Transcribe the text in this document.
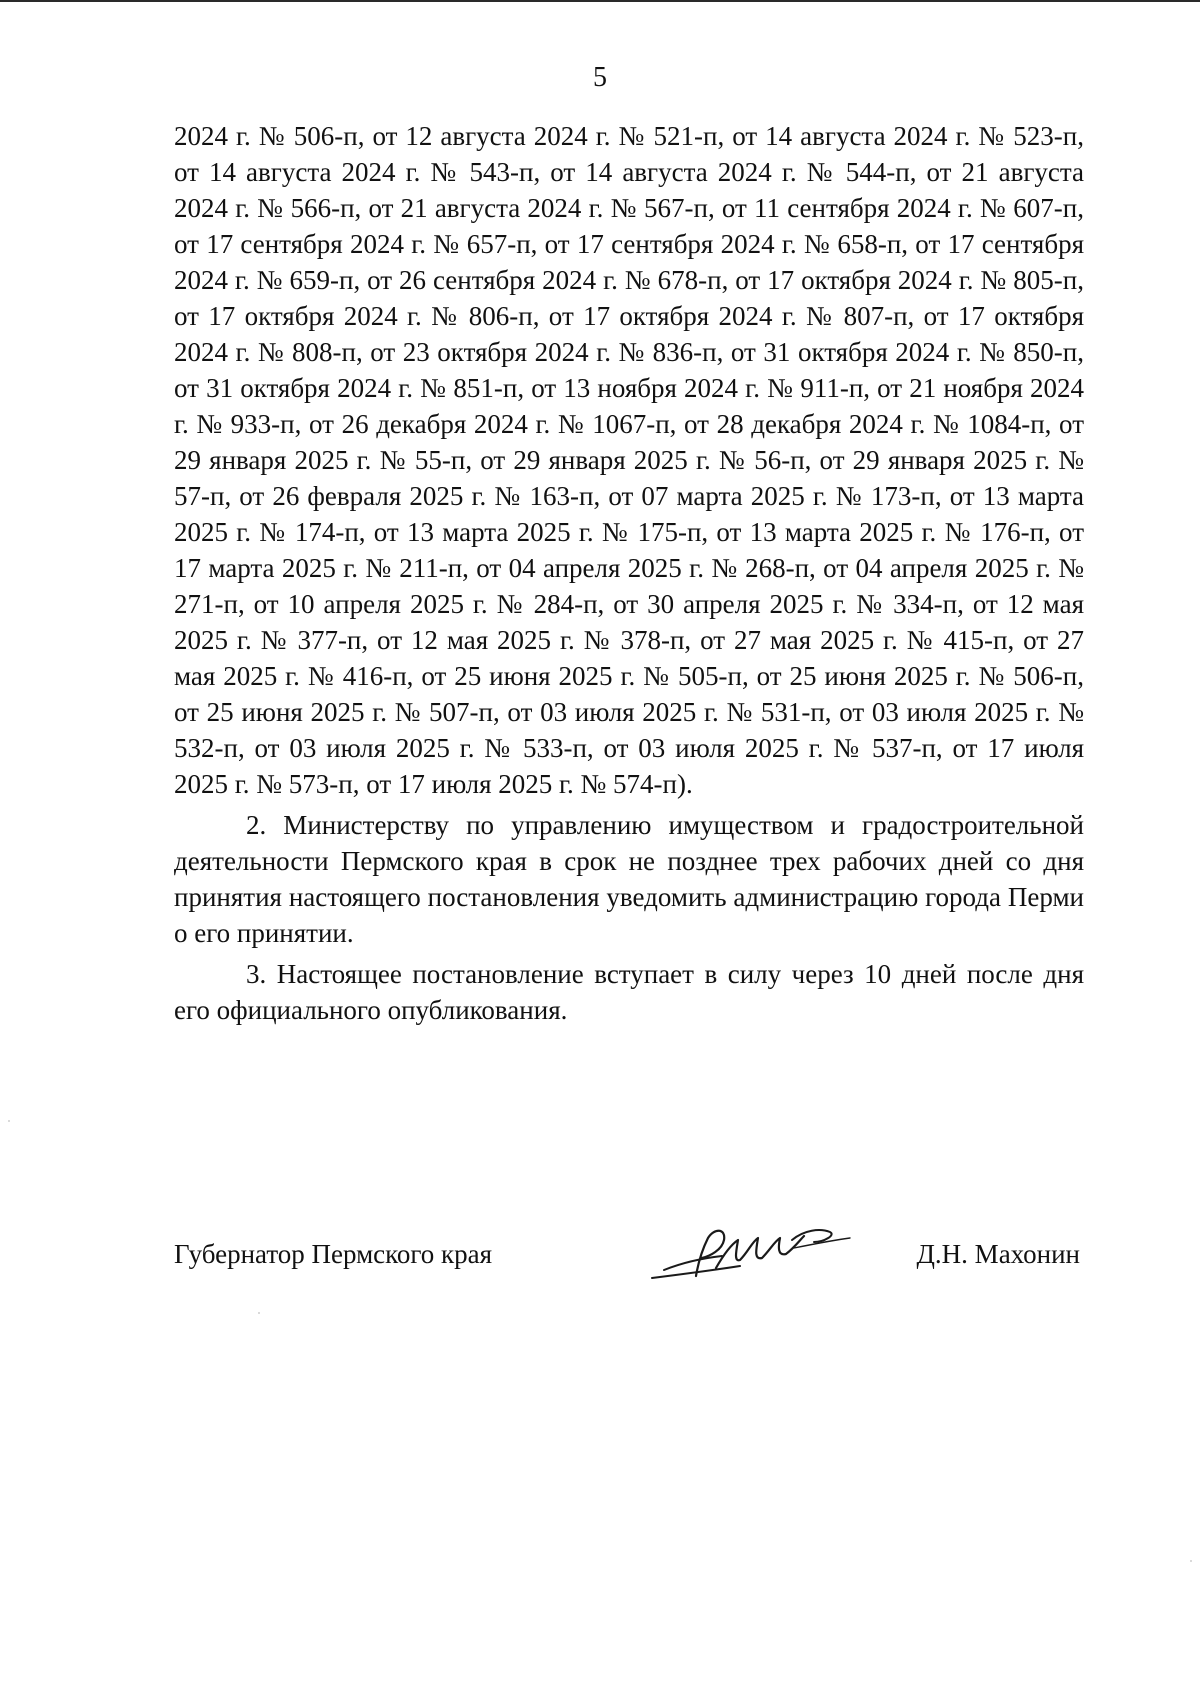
5

2024 г. № 506-п, от 12 августа 2024 г. № 521-п, от 14 августа 2024 г. № 523-п, от 14 августа 2024 г. № 543-п, от 14 августа 2024 г. № 544-п, от 21 августа 2024 г. № 566-п, от 21 августа 2024 г. № 567-п, от 11 сентября 2024 г. № 607-п, от 17 сентября 2024 г. № 657-п, от 17 сентября 2024 г. № 658-п, от 17 сентября 2024 г. № 659-п, от 26 сентября 2024 г. № 678-п, от 17 октября 2024 г. № 805-п, от 17 октября 2024 г. № 806-п, от 17 октября 2024 г. № 807-п, от 17 октября 2024 г. № 808-п, от 23 октября 2024 г. № 836-п, от 31 октября 2024 г. № 850-п, от 31 октября 2024 г. № 851-п, от 13 ноября 2024 г. № 911-п, от 21 ноября 2024 г. № 933-п, от 26 декабря 2024 г. № 1067-п, от 28 декабря 2024 г. № 1084-п, от 29 января 2025 г. № 55-п, от 29 января 2025 г. № 56-п, от 29 января 2025 г. № 57-п, от 26 февраля 2025 г. № 163-п, от 07 марта 2025 г. № 173-п, от 13 марта 2025 г. № 174-п, от 13 марта 2025 г. № 175-п, от 13 марта 2025 г. № 176-п, от 17 марта 2025 г. № 211-п, от 04 апреля 2025 г. № 268-п, от 04 апреля 2025 г. № 271-п, от 10 апреля 2025 г. № 284-п, от 30 апреля 2025 г. № 334-п, от 12 мая 2025 г. № 377-п, от 12 мая 2025 г. № 378-п, от 27 мая 2025 г. № 415-п, от 27 мая 2025 г. № 416-п, от 25 июня 2025 г. № 505-п, от 25 июня 2025 г. № 506-п, от 25 июня 2025 г. № 507-п, от 03 июля 2025 г. № 531-п, от 03 июля 2025 г. № 532-п, от 03 июля 2025 г. № 533-п, от 03 июля 2025 г. № 537-п, от 17 июля 2025 г. № 573-п, от 17 июля 2025 г. № 574-п).

2. Министерству по управлению имуществом и градостроительной деятельности Пермского края в срок не позднее трех рабочих дней со дня принятия настоящего постановления уведомить администрацию города Перми о его принятии.

3. Настоящее постановление вступает в силу через 10 дней после дня его официального опубликования.

Губернатор Пермского края	Д.Н. Махонин
